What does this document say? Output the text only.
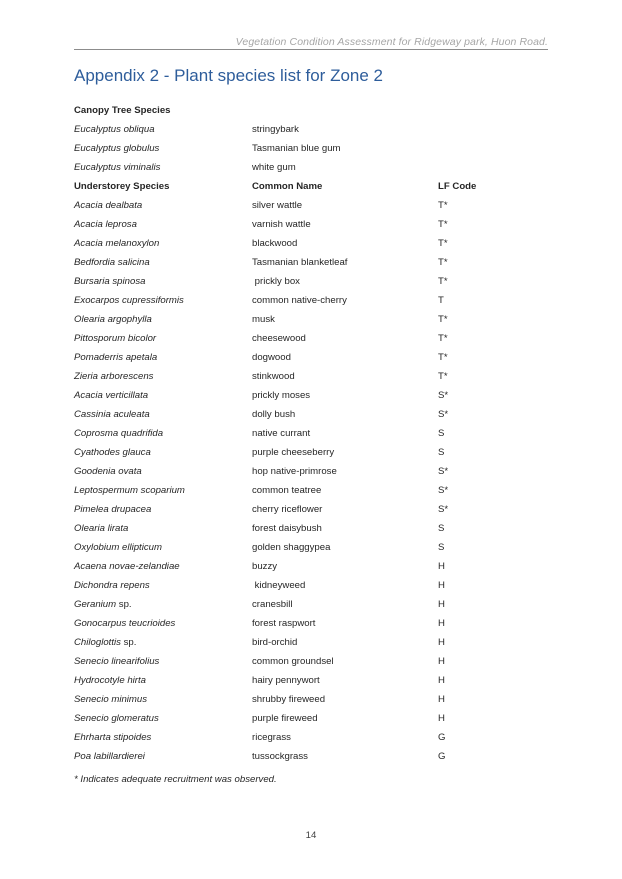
Vegetation Condition Assessment for Ridgeway park, Huon Road.
Appendix 2 - Plant species list for Zone 2
Canopy Tree Species		
Eucalyptus obliqua	stringybark	
Eucalyptus globulus	Tasmanian blue gum	
Eucalyptus viminalis	white gum	
Understorey Species	Common Name	LF Code
Acacia dealbata	silver wattle	T*
Acacia leprosa	varnish wattle	T*
Acacia melanoxylon	blackwood	T*
Bedfordia salicina	Tasmanian blanketleaf	T*
Bursaria spinosa	prickly box	T*
Exocarpos cupressiformis	common native-cherry	T
Olearia argophylla	musk	T*
Pittosporum bicolor	cheesewood	T*
Pomaderris apetala	dogwood	T*
Zieria arborescens	stinkwood	T*
Acacia verticillata	prickly moses	S*
Cassinia aculeata	dolly bush	S*
Coprosma quadrifida	native currant	S
Cyathodes glauca	purple cheeseberry	S
Goodenia ovata	hop native-primrose	S*
Leptospermum scoparium	common teatree	S*
Pimelea drupacea	cherry riceflower	S*
Olearia lirata	forest daisybush	S
Oxylobium ellipticum	golden shaggypea	S
Acaena novae-zelandiae	buzzy	H
Dichondra repens	kidneyweed	H
Geranium sp.	cranesbill	H
Gonocarpus teucrioides	forest raspwort	H
Chiloglottis sp.	bird-orchid	H
Senecio linearifolius	common groundsel	H
Hydrocotyle hirta	hairy pennywort	H
Senecio minimus	shrubby fireweed	H
Senecio glomeratus	purple fireweed	H
Ehrharta stipoides	ricegrass	G
Poa labillardierei	tussockgrass	G
* Indicates adequate recruitment was observed.
14
